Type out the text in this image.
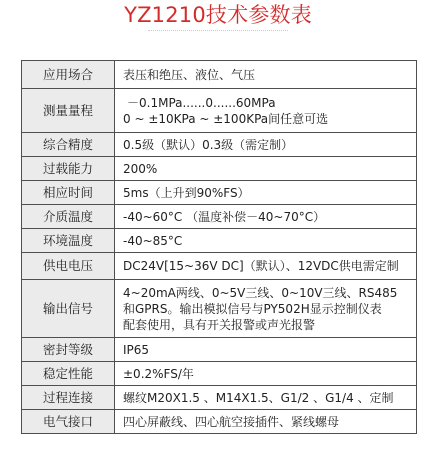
YZ1210技术参数表
应用场合	表压和绝压、液位、气压

测量量程	－0.1MPa......0......60MPa
0 ~ ±10KPa ~ ±100KPa间任意可选

综合精度	0.5级（默认）0.3级（需定制）

过载能力	200%

相应时间	5ms（上升到90%FS）

介质温度	-40~60°C （温度补偿－40~70°C）

环境温度	-40~85°C

供电电压	DC24V[15~36V DC]（默认）、12VDC供电需定制

输出信号	4~20mA两线、0~5V三线、0~10V三线、RS485
和GPRS。输出模拟信号与PY502H显示控制仪表
配套使用，具有开关报警或声光报警

密封等级	IP65

稳定性能	±0.2%FS/年

过程连接	螺纹M20X1.5 、M14X1.5、G1/2 、G1/4 、定制

电气接口	四心屏蔽线、四心航空接插件、紧线螺母
